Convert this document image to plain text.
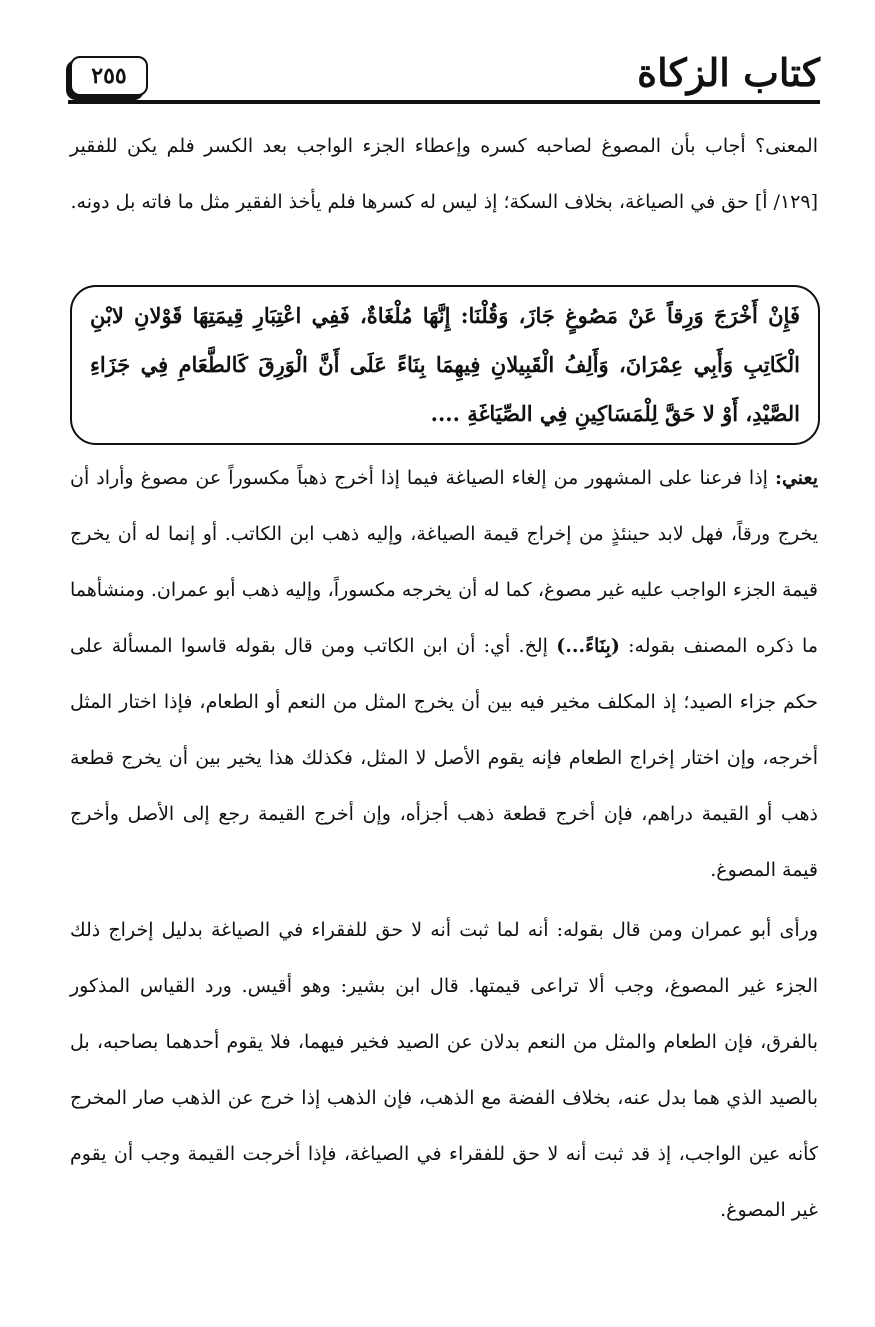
كتاب الزكاة
٢٥٥

المعنى؟ أجاب بأن المصوغ لصاحبه كسره وإعطاء الجزء الواجب بعد الكسر فلم يكن للفقير [١٢٩/ أ] حق في الصياغة، بخلاف السكة؛ إذ ليس له كسرها فلم يأخذ الفقير مثل ما فاته بل دونه.

فَإِنْ أَخْرَجَ وَرِقاً عَنْ مَصُوغٍ جَازَ، وَقُلْنَا: إِنَّهَا مُلْغَاةٌ، فَفِي اعْتِبَارِ قِيمَتِهَا قَوْلانِ لابْنِ الْكَاتِبِ وَأَبِي عِمْرَانَ، وَأَلِفُ الْقَبِيلانِ فِيهِمَا بِنَاءً عَلَى أَنَّ الْوَرِقَ كَالطَّعَامِ فِي جَزَاءِ الصَّيْدِ، أَوْ لا حَقَّ لِلْمَسَاكِينِ فِي الصِّيَاغَةِ ....

يعني: إذا فرعنا على المشهور من إلغاء الصياغة فيما إذا أخرج ذهباً مكسوراً عن مصوغ وأراد أن يخرج ورقاً، فهل لابد حينئذٍ من إخراج قيمة الصياغة، وإليه ذهب ابن الكاتب. أو إنما له أن يخرج قيمة الجزء الواجب عليه غير مصوغ، كما له أن يخرجه مكسوراً، وإليه ذهب أبو عمران. ومنشأهما ما ذكره المصنف بقوله: (بِنَاءً...) إلخ. أي: أن ابن الكاتب ومن قال بقوله قاسوا المسألة على حكم جزاء الصيد؛ إذ المكلف مخير فيه بين أن يخرج المثل من النعم أو الطعام، فإذا اختار المثل أخرجه، وإن اختار إخراج الطعام فإنه يقوم الأصل لا المثل، فكذلك هذا يخير بين أن يخرج قطعة ذهب أو القيمة دراهم، فإن أخرج قطعة ذهب أجزأه، وإن أخرج القيمة رجع إلى الأصل وأخرج قيمة المصوغ.

ورأى أبو عمران ومن قال بقوله: أنه لما ثبت أنه لا حق للفقراء في الصياغة بدليل إخراج ذلك الجزء غير المصوغ، وجب ألا تراعى قيمتها. قال ابن بشير: وهو أقيس. ورد القياس المذكور بالفرق، فإن الطعام والمثل من النعم بدلان عن الصيد فخير فيهما، فلا يقوم أحدهما بصاحبه، بل بالصيد الذي هما بدل عنه، بخلاف الفضة مع الذهب، فإن الذهب إذا خرج عن الذهب صار المخرج كأنه عين الواجب، إذ قد ثبت أنه لا حق للفقراء في الصياغة، فإذا أخرجت القيمة وجب أن يقوم غير المصوغ.
